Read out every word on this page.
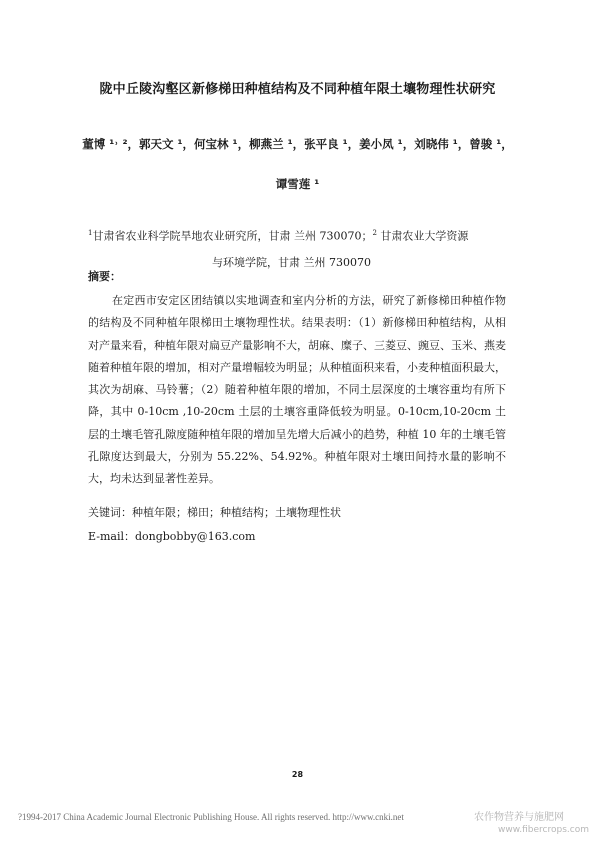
陇中丘陵沟壑区新修梯田种植结构及不同种植年限土壤物理性状研究
董博 ¹˒ ²，郭天文 ¹，何宝林 ¹，柳燕兰 ¹，张平良 ¹，姜小凤 ¹，刘晓伟 ¹，曾骏 ¹，
谭雪莲 ¹
$^1$甘肃省农业科学院旱地农业研究所，甘肃 兰州 730070；$^2$ 甘肃农业大学资源
与环境学院，甘肃 兰州 730070
摘要：
在定西市安定区团结镇以实地调查和室内分析的方法，研究了新修梯田种植作物的结构及不同种植年限梯田土壤物理性状。结果表明：（1）新修梯田种植结构，从相对产量来看，种植年限对扁豆产量影响不大，胡麻、糜子、三菱豆、豌豆、玉米、燕麦随着种植年限的增加，相对产量增幅较为明显；从种植面积来看，小麦种植面积最大，其次为胡麻、马铃薯；（2）随着种植年限的增加，不同土层深度的土壤容重均有所下降，其中 0-10cm ,10-20cm 土层的土壤容重降低较为明显。0-10cm,10-20cm 土层的土壤毛管孔隙度随种植年限的增加呈先增大后减小的趋势，种植 10 年的土壤毛管孔隙度达到最大，分别为 55.22%、54.92%。种植年限对土壤田间持水量的影响不大，均未达到显著性差异。
关键词：种植年限；梯田；种植结构；土壤物理性状
E-mail：dongbobby@163.com
28
?1994-2017 China Academic Journal Electronic Publishing House. All rights reserved. http://www.cnki.net	农作物营养与施肥网
www.fibercrops.com
